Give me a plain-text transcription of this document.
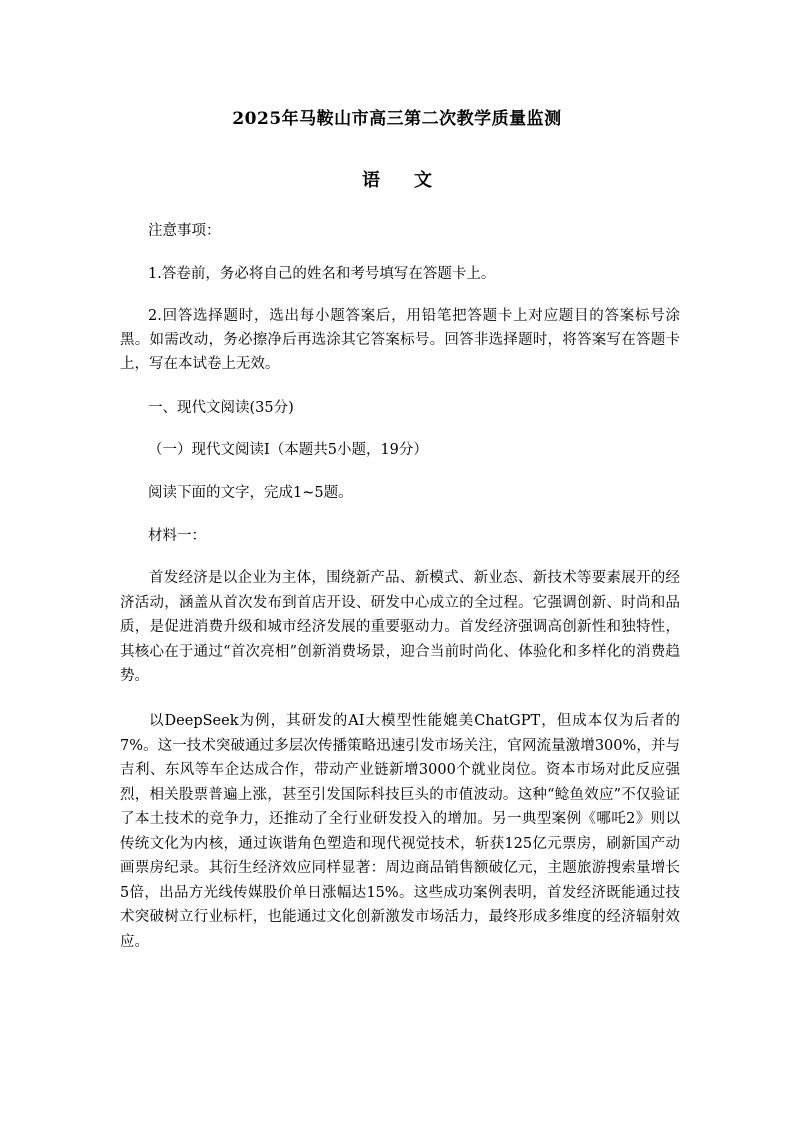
2025年马鞍山市高三第二次教学质量监测
语文

注意事项：

1.答卷前，务必将自己的姓名和考号填写在答题卡上。

2.回答选择题时，选出每小题答案后，用铅笔把答题卡上对应题目的答案标号涂黑。如需改动，务必擦净后再选涂其它答案标号。回答非选择题时，将答案写在答题卡上，写在本试卷上无效。

一、现代文阅读(35分)

（一）现代文阅读Ⅰ（本题共5小题，19分）

阅读下面的文字，完成1~5题。

材料一：

首发经济是以企业为主体，围绕新产品、新模式、新业态、新技术等要素展开的经济活动，涵盖从首次发布到首店开设、研发中心成立的全过程。它强调创新、时尚和品质，是促进消费升级和城市经济发展的重要驱动力。首发经济强调高创新性和独特性，其核心在于通过“首次亮相”创新消费场景，迎合当前时尚化、体验化和多样化的消费趋势。

以DeepSeek为例，其研发的AI大模型性能媲美ChatGPT，但成本仅为后者的7%。这一技术突破通过多层次传播策略迅速引发市场关注，官网流量激增300%，并与吉利、东风等车企达成合作，带动产业链新增3000个就业岗位。资本市场对此反应强烈，相关股票普遍上涨，甚至引发国际科技巨头的市值波动。这种“鲶鱼效应”不仅验证了本土技术的竞争力，还推动了全行业研发投入的增加。另一典型案例《哪吒2》则以传统文化为内核，通过诙谐角色塑造和现代视觉技术，斩获125亿元票房，刷新国产动画票房纪录。其衍生经济效应同样显著：周边商品销售额破亿元，主题旅游搜索量增长5倍，出品方光线传媒股价单日涨幅达15%。这些成功案例表明，首发经济既能通过技术突破树立行业标杆，也能通过文化创新激发市场活力，最终形成多维度的经济辐射效应。
